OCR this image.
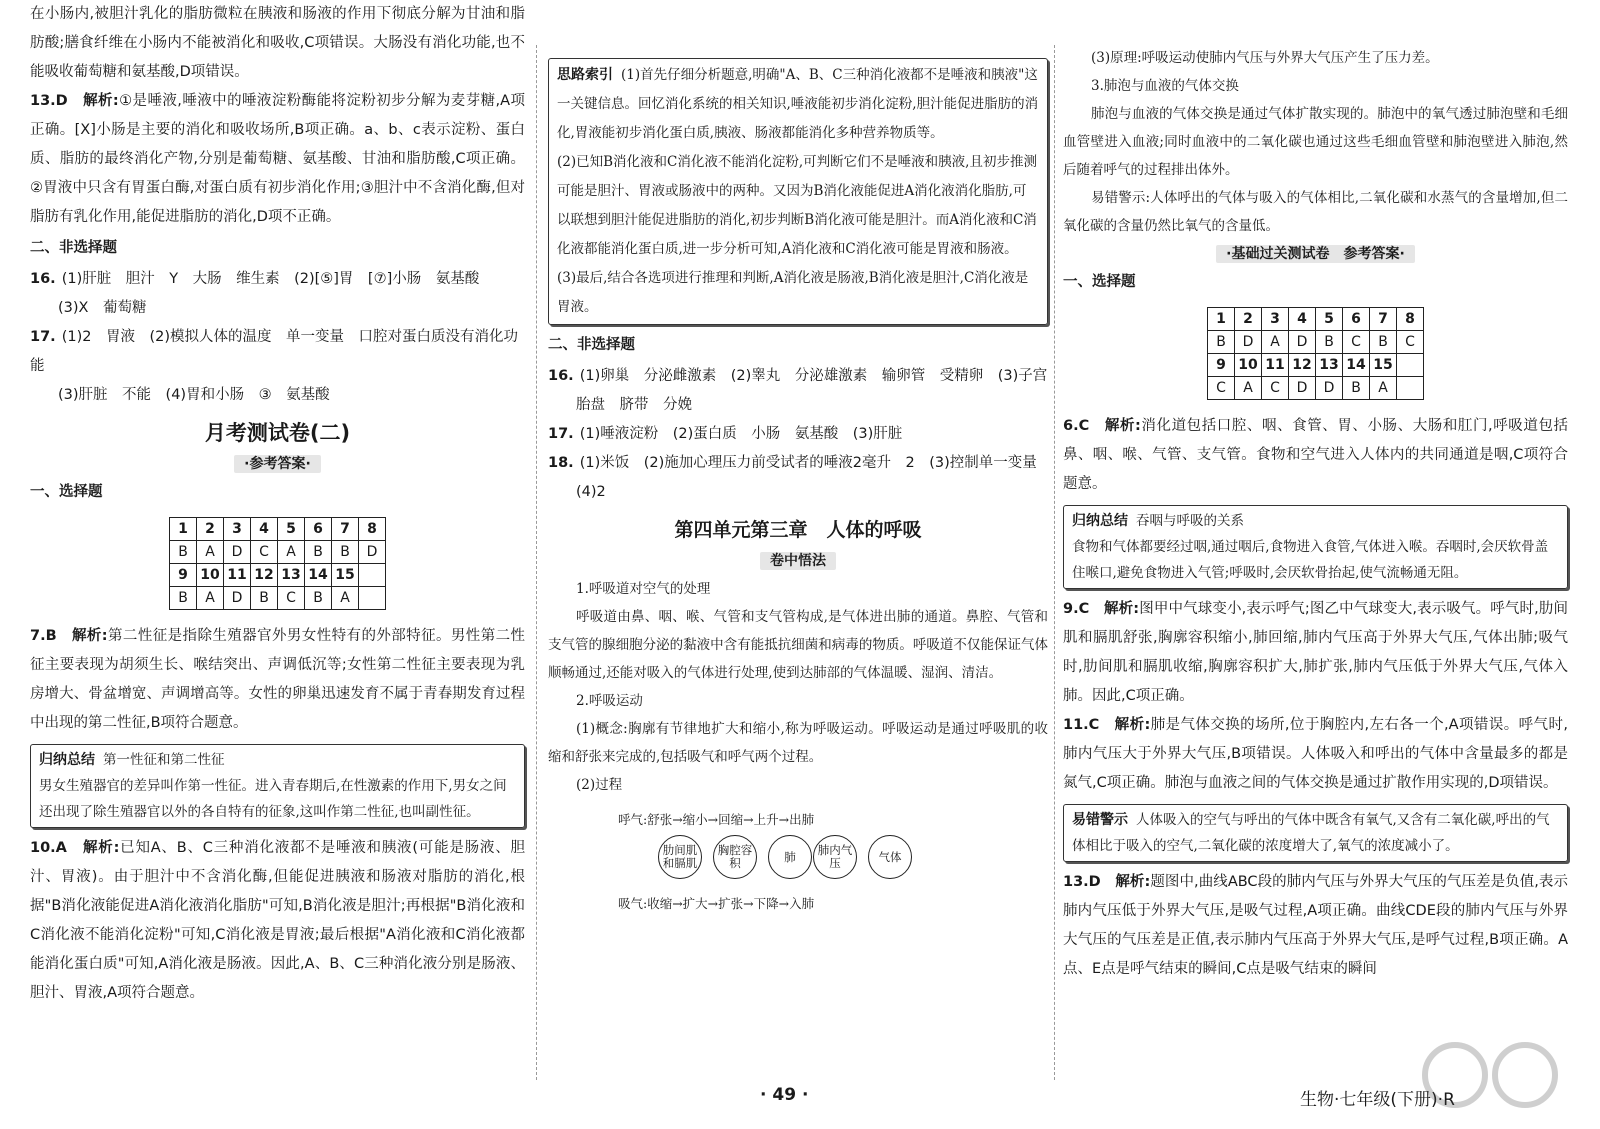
在小肠内,被胆汁乳化的脂肪微粒在胰液和肠液的作用下彻底分解为甘油和脂肪酸;膳食纤维在小肠内不能被消化和吸收,C项错误。大肠没有消化功能,也不能吸收葡萄糖和氨基酸,D项错误。

13.D　 解析:①是唾液,唾液中的唾液淀粉酶能将淀粉初步分解为麦芽糖,A项正确。[X]小肠是主要的消化和吸收场所,B项正确。a、b、c表示淀粉、蛋白质、脂肪的最终消化产物,分别是葡萄糖、氨基酸、甘油和脂肪酸,C项正确。②胃液中只含有胃蛋白酶,对蛋白质有初步消化作用;③胆汁中不含消化酶,但对脂肪有乳化作用,能促进脂肪的消化,D项不正确。

二、非选择题

16. (1)肝脏　胆汁　Y　大肠　维生素　(2)[⑤]胃　[⑦]小肠　氨基酸

(3)X　葡萄糖

17. (1)2　胃液　(2)模拟人体的温度　单一变量　口腔对蛋白质没有消化功能

(3)肝脏　不能　(4)胃和小肠　③　氨基酸

月考测试卷(二)
·参考答案·

一、选择题

1	2	3	4	5	6	7	8
B	A	D	C	A	B	B	D
9	10	11	12	13	14	15	
B	A	D	B	C	B	A	

7.B　 解析:第二性征是指除生殖器官外男女性特有的外部特征。男性第二性征主要表现为胡须生长、喉结突出、声调低沉等;女性第二性征主要表现为乳房增大、骨盆增宽、声调增高等。女性的卵巢迅速发育不属于青春期发育过程中出现的第二性征,B项符合题意。

归纳总结 第一性征和第二性征
男女生殖器官的差异叫作第一性征。进入青春期后,在性激素的作用下,男女之间还出现了除生殖器官以外的各自特有的征象,这叫作第二性征,也叫副性征。

10.A　 解析:已知A、B、C三种消化液都不是唾液和胰液(可能是肠液、胆汁、胃液)。由于胆汁中不含消化酶,但能促进胰液和肠液对脂肪的消化,根据"B消化液能促进A消化液消化脂肪"可知,B消化液是胆汁;再根据"B消化液和C消化液不能消化淀粉"可知,C消化液是胃液;最后根据"A消化液和C消化液都能消化蛋白质"可知,A消化液是肠液。因此,A、B、C三种消化液分别是肠液、胆汁、胃液,A项符合题意。

思路索引 (1)首先仔细分析题意,明确"A、B、C三种消化液都不是唾液和胰液"这一关键信息。回忆消化系统的相关知识,唾液能初步消化淀粉,胆汁能促进脂肪的消化,胃液能初步消化蛋白质,胰液、肠液都能消化多种营养物质等。
(2)已知B消化液和C消化液不能消化淀粉,可判断它们不是唾液和胰液,且初步推测可能是胆汁、胃液或肠液中的两种。又因为B消化液能促进A消化液消化脂肪,可以联想到胆汁能促进脂肪的消化,初步判断B消化液可能是胆汁。而A消化液和C消化液都能消化蛋白质,进一步分析可知,A消化液和C消化液可能是胃液和肠液。
(3)最后,结合各选项进行推理和判断,A消化液是肠液,B消化液是胆汁,C消化液是胃液。

二、非选择题

16. (1)卵巢　分泌雌激素　(2)睾丸　分泌雄激素　输卵管　受精卵　(3)子宫

胎盘　脐带　分娩

17. (1)唾液淀粉　(2)蛋白质　小肠　氨基酸　(3)肝脏

18. (1)米饭　(2)施加心理压力前受试者的唾液2毫升　2　(3)控制单一变量

(4)2

第四单元第三章　人体的呼吸
卷中悟法
1.呼吸道对空气的处理
呼吸道由鼻、咽、喉、气管和支气管构成,是气体进出肺的通道。鼻腔、气管和支气管的腺细胞分泌的黏液中含有能抵抗细菌和病毒的物质。呼吸道不仅能保证气体顺畅通过,还能对吸入的气体进行处理,使到达肺部的气体温暖、湿润、清洁。
2.呼吸运动
(1)概念:胸廓有节律地扩大和缩小,称为呼吸运动。呼吸运动是通过呼吸肌的收缩和舒张来完成的,包括吸气和呼气两个过程。
(2)过程
呼气:舒张→缩小→回缩→上升→出肺
肋间肌和膈肌
胸腔容积	肺	肺内气压	气体
吸气:收缩→扩大→扩张→下降→入肺
(3)原理:呼吸运动使肺内气压与外界大气压产生了压力差。
3.肺泡与血液的气体交换
肺泡与血液的气体交换是通过气体扩散实现的。肺泡中的氧气透过肺泡壁和毛细血管壁进入血液;同时血液中的二氧化碳也通过这些毛细血管壁和肺泡壁进入肺泡,然后随着呼气的过程排出体外。
易错警示:人体呼出的气体与吸入的气体相比,二氧化碳和水蒸气的含量增加,但二氧化碳的含量仍然比氧气的含量低。
·基础过关测试卷　参考答案·

一、选择题

1	2	3	4	5	6	7	8
B	D	A	D	B	C	B	C
9	10	11	12	13	14	15	
C	A	C	D	D	B	A	

6.C　 解析:消化道包括口腔、咽、食管、胃、小肠、大肠和肛门,呼吸道包括鼻、咽、喉、气管、支气管。食物和空气进入人体内的共同通道是咽,C项符合题意。

归纳总结 吞咽与呼吸的关系
食物和气体都要经过咽,通过咽后,食物进入食管,气体进入喉。吞咽时,会厌软骨盖住喉口,避免食物进入气管;呼吸时,会厌软骨抬起,使气流畅通无阻。

9.C　 解析:图甲中气球变小,表示呼气;图乙中气球变大,表示吸气。呼气时,肋间肌和膈肌舒张,胸廓容积缩小,肺回缩,肺内气压高于外界大气压,气体出肺;吸气时,肋间肌和膈肌收缩,胸廓容积扩大,肺扩张,肺内气压低于外界大气压,气体入肺。因此,C项正确。

11.C　 解析:肺是气体交换的场所,位于胸腔内,左右各一个,A项错误。呼气时,肺内气压大于外界大气压,B项错误。人体吸入和呼出的气体中含量最多的都是氮气,C项正确。肺泡与血液之间的气体交换是通过扩散作用实现的,D项错误。

易错警示 人体吸入的空气与呼出的气体中既含有氧气,又含有二氧化碳,呼出的气体相比于吸入的空气,二氧化碳的浓度增大了,氧气的浓度减小了。

13.D　 解析:题图中,曲线ABC段的肺内气压与外界大气压的气压差是负值,表示肺内气压低于外界大气压,是吸气过程,A项正确。曲线CDE段的肺内气压与外界大气压的气压差是正值,表示肺内气压高于外界大气压,是呼气过程,B项正确。A点、E点是呼气结束的瞬间,C点是吸气结束的瞬间

· 49 ·	生物·七年级(下册)·R
